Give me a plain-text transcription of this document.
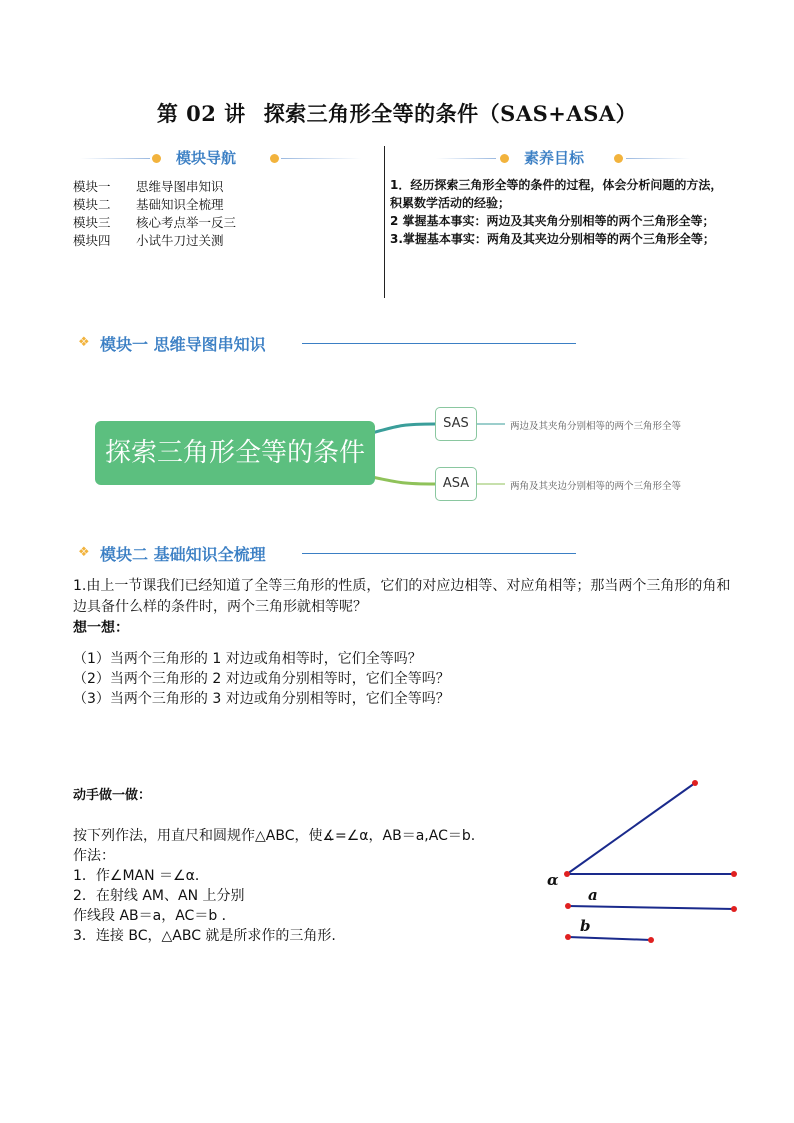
第 02 讲 探索三角形全等的条件（SAS+ASA）
模块导航
模块一	思维导图串知识
模块二	基础知识全梳理
模块三	核心考点举一反三
模块四	小试牛刀过关测
素养目标
1．经历探索三角形全等的条件的过程，体会分析问题的方法，积累数学活动的经验；
2 掌握基本事实：两边及其夹角分别相等的两个三角形全等；
3.掌握基本事实：两角及其夹边分别相等的两个三角形全等；
❖ 模块一 思维导图串知识
探索三角形全等的条件
SAS
ASA
两边及其夹角分别相等的两个三角形全等
两角及其夹边分别相等的两个三角形全等
❖ 模块二 基础知识全梳理
1.由上一节课我们已经知道了全等三角形的性质，它们的对应边相等、对应角相等；那当两个三角形的角和边具备什么样的条件时，两个三角形就相等呢？
想一想：
（1）当两个三角形的 1 对边或角相等时，它们全等吗？
（2）当两个三角形的 2 对边或角分别相等时，它们全等吗？
（3）当两个三角形的 3 对边或角分别相等时，它们全等吗？
动手做一做：
按下列作法，用直尺和圆规作△ABC，使∡=∠α，AB＝a,AC＝b.
作法：
1．作∠MAN ＝∠α．
2．在射线 AM、AN 上分别
作线段 AB＝a，AC＝b ．
3．连接 BC，△ABC 就是所求作的三角形.
α
a
b
